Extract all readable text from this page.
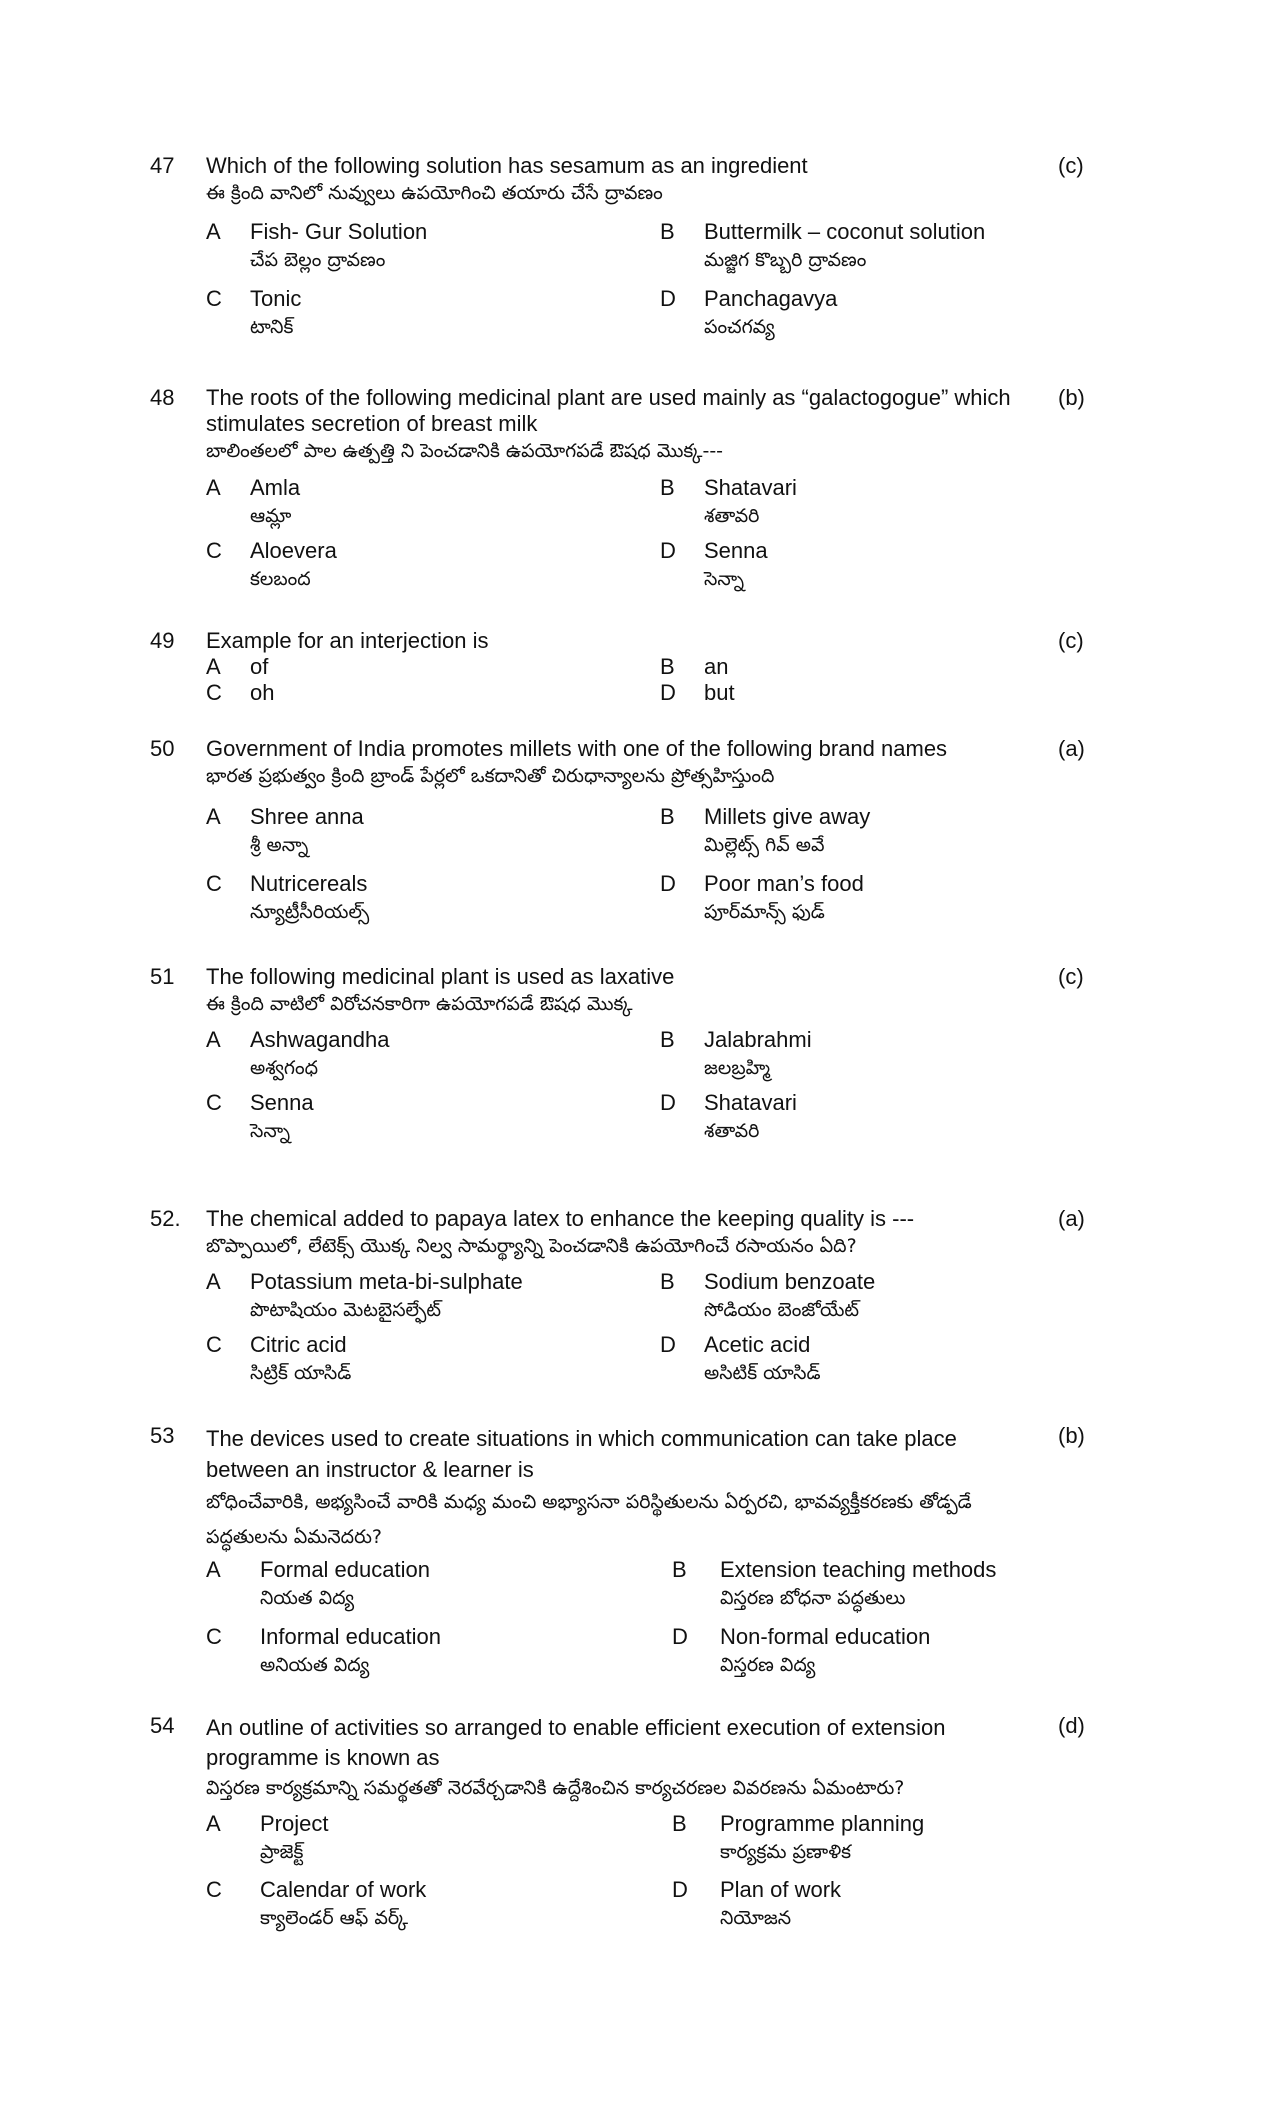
47 Which of the following solution has sesamum as an ingredient
ఈ క్రింది వానిలో నువ్వులు ఉపయోగించి తయారు చేసే ద్రావణం
(c)
A Fish- Gur Solution
చేప బెల్లం ద్రావణం
B Buttermilk – coconut solution
మజ్జిగ కొబ్బరి ద్రావణం
C Tonic
టానిక్
D Panchagavya
పంచగవ్య
48 The roots of the following medicinal plant are used mainly as “galactogogue” which stimulates secretion of breast milk
బాలింతలలో పాల ఉత్పత్తి ని పెంచడానికి ఉపయోగపడే ఔషధ మొక్క---
(b)
A Amla
ఆమ్లా
B Shatavari
శతావరి
C Aloevera
కలబంద
D Senna
సెన్నా
49 Example for an interjection is	(c)
A of	B an
C oh	D but
50 Government of India promotes millets with one of the following brand names
భారత ప్రభుత్వం క్రింది బ్రాండ్ పేర్లలో ఒకదానితో చిరుధాన్యాలను ప్రోత్సహిస్తుంది
(a)
A Shree anna
శ్రీ అన్నా
B Millets give away
మిల్లెట్స్ గివ్ అవే
C Nutricereals
న్యూట్రీసీరియల్స్
D Poor man’s food
పూర్‌మాన్స్ ఫుడ్
51 The following medicinal plant is used as laxative
ఈ క్రింది వాటిలో విరోచనకారిగా ఉపయోగపడే ఔషధ మొక్క
(c)
A Ashwagandha
అశ్వగంధ
B Jalabrahmi
జలబ్రహ్మి
C Senna
సెన్నా
D Shatavari
శతావరి
52. The chemical added to papaya latex to enhance the keeping quality is ---
బొప్పాయిలో, లేటెక్స్ యొక్క నిల్వ సామర్థ్యాన్ని పెంచడానికి ఉపయోగించే రసాయనం ఏది?
(a)
A Potassium meta-bi-sulphate
పొటాషియం మెటబైసల్ఫేట్
B Sodium benzoate
సోడియం బెంజోయేట్
C Citric acid
సిట్రిక్ యాసిడ్
D Acetic acid
అసిటిక్ యాసిడ్
53 The devices used to create situations in which communication can take place between an instructor & learner is
బోధించేవారికి, అభ్యసించే వారికి మధ్య మంచి అభ్యాసనా పరిస్థితులను ఏర్పరచి, భావవ్యక్తీకరణకు తోడ్పడే పద్ధతులను ఏమనెదరు?
(b)
A Formal education
నియత విద్య
B Extension teaching methods
విస్తరణ బోధనా పద్ధతులు
C Informal education
అనియత విద్య
D Non-formal education
విస్తరణ విద్య
54 An outline of activities so arranged to enable efficient execution of extension programme is known as
విస్తరణ కార్యక్రమాన్ని సమర్థతతో నెరవేర్చడానికి ఉద్దేశించిన కార్యచరణల వివరణను ఏమంటారు?
(d)
A Project
ప్రాజెక్ట్
B Programme planning
కార్యక్రమ ప్రణాళిక
C Calendar of work
క్యాలెండర్ ఆఫ్ వర్క్
D Plan of work
నియోజన
